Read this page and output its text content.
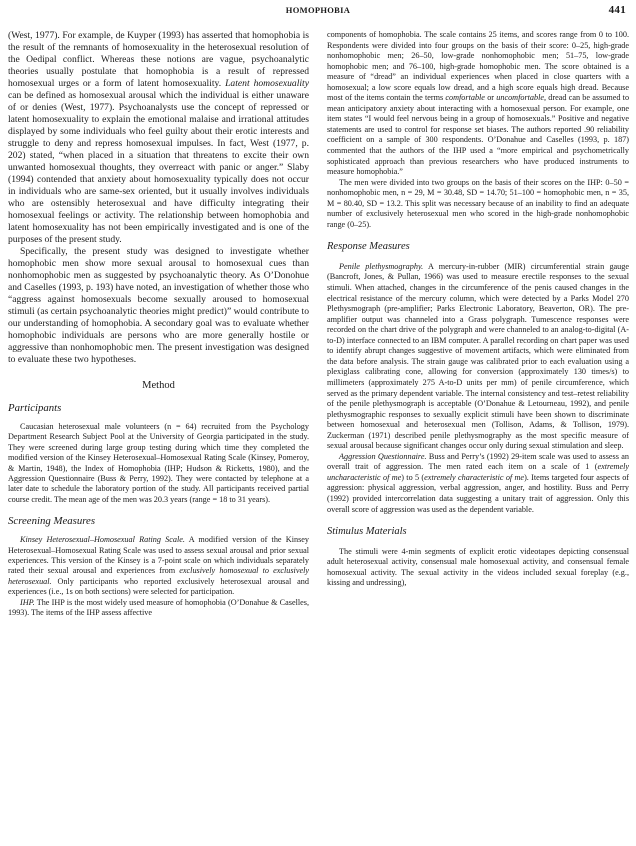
HOMOPHOBIA	441

(West, 1977). For example, de Kuyper (1993) has asserted that homophobia is the result of the remnants of homosexuality in the heterosexual resolution of the Oedipal conflict. Whereas these notions are vague, psychoanalytic theories usually postulate that homophobia is a result of repressed homosexual urges or a form of latent homosexuality. Latent homosexuality can be defined as homosexual arousal which the individual is either unaware of or denies (West, 1977). Psychoanalysts use the concept of repressed or latent homosexuality to explain the emotional malaise and irrational attitudes displayed by some individuals who feel guilty about their erotic interests and struggle to deny and repress homosexual impulses. In fact, West (1977, p. 202) stated, “when placed in a situation that threatens to excite their own unwanted homosexual thoughts, they overreact with panic or anger.” Slaby (1994) contended that anxiety about homosexuality typically does not occur in individuals who are same-sex oriented, but it usually involves individuals who are ostensibly heterosexual and have difficulty integrating their homosexual feelings or activity. The relationship between homophobia and latent homosexuality has not been empirically investigated and is one of the purposes of the present study.

Specifically, the present study was designed to investigate whether homophobic men show more sexual arousal to homosexual cues than nonhomophobic men as suggested by psychoanalytic theory. As O’Donohue and Caselles (1993, p. 193) have noted, an investigation of whether those who “aggress against homosexuals become sexually aroused to homosexual stimuli (as certain psychoanalytic theories might predict)” would contribute to our understanding of homophobia. A secondary goal was to evaluate whether homophobic individuals are persons who are more generally hostile or aggressive than nonhomophobic men. The present investigation was designed to evaluate these two hypotheses.

Method
Participants

Caucasian heterosexual male volunteers (n = 64) recruited from the Psychology Department Research Subject Pool at the University of Georgia participated in the study. They were screened during large group testing during which time they completed the modified version of the Kinsey Heterosexual–Homosexual Rating Scale (Kinsey, Pomeroy, & Martin, 1948), the Index of Homophobia (IHP; Hudson & Ricketts, 1980), and the Aggression Questionnaire (Buss & Perry, 1992). They were contacted by telephone at a later date to schedule the laboratory portion of the study. All participants received partial course credit. The mean age of the men was 20.3 years (range = 18 to 31 years).

Screening Measures

Kinsey Heterosexual–Homosexual Rating Scale. A modified version of the Kinsey Heterosexual–Homosexual Rating Scale was used to assess sexual arousal and prior sexual experiences. This version of the Kinsey is a 7-point scale on which individuals separately rated their sexual arousal and experiences from exclusively homosexual to exclusively heterosexual. Only participants who reported exclusively heterosexual arousal and experiences (i.e., 1s on both sections) were selected for participation.

IHP. The IHP is the most widely used measure of homophobia (O’Donahue & Caselles, 1993). The items of the IHP assess affective

components of homophobia. The scale contains 25 items, and scores range from 0 to 100. Respondents were divided into four groups on the basis of their score: 0–25, high-grade nonhomophobic men; 26–50, low-grade nonhomophobic men; 51–75, low-grade homophobic men; and 76–100, high-grade homophobic men. The score obtained is a measure of “dread” an individual experiences when placed in close quarters with a homosexual; a low score equals low dread, and a high score equals high dread. Because most of the items contain the terms comfortable or uncomfortable, dread can be assumed to mean anticipatory anxiety about interacting with a homosexual person. For example, one item states “I would feel nervous being in a group of homosexuals.” Positive and negative statements are used to control for response set biases. The authors reported .90 reliability coefficient on a sample of 300 respondents. O’Donahue and Caselles (1993, p. 187) commented that the authors of the IHP used a “more empirical and psychometrically sophisticated approach than previous researchers who have produced instruments to measure homophobia.”

The men were divided into two groups on the basis of their scores on the IHP: 0–50 = nonhomophobic men, n = 29, M = 30.48, SD = 14.70; 51–100 = homophobic men, n = 35, M = 80.40, SD = 13.2. This split was necessary because of an inability to find an adequate number of exclusively heterosexual men who scored in the high-grade nonhomophobic range (0–25).

Response Measures

Penile plethysmography. A mercury-in-rubber (MIR) circumferential strain gauge (Bancroft, Jones, & Pullan, 1966) was used to measure erectile responses to the sexual stimuli. When attached, changes in the circumference of the penis caused changes in the electrical resistance of the mercury column, which were detected by a Parks Model 270 Plethysmograph (pre-amplifier; Parks Electronic Laboratory, Beaverton, OR). The pre-amplifier output was channeled into a Grass polygraph. Tumescence responses were recorded on the chart drive of the polygraph and were channeled to an analog-to-digital (A-to-D) interface connected to an IBM computer. A parallel recording on chart paper was used to identify abrupt changes suggestive of movement artifacts, which were eliminated from the data before analysis. The strain gauge was calibrated prior to each evaluation using a plexiglass calibrating cone, allowing for conversion (approximately 130 times/s) to millimeters (approximately 275 A-to-D units per mm) of penile circumference, which served as the primary dependent variable. The internal consistency and test–retest reliability of the penile plethysmograph is acceptable (O’Donahue & Letourneau, 1992), and penile plethysmographic responses to sexually explicit stimuli have been shown to discriminate between homosexual and heterosexual men (Tollison, Adams, & Tollison, 1979). Zuckerman (1971) described penile plethysmography as the most specific measure of sexual arousal because significant changes occur only during sexual stimulation and sleep.

Aggression Questionnaire. Buss and Perry’s (1992) 29-item scale was used to assess an overall trait of aggression. The men rated each item on a scale of 1 (extremely uncharacteristic of me) to 5 (extremely characteristic of me). Items targeted four aspects of aggression: physical aggression, verbal aggression, anger, and hostility. Buss and Perry (1992) provided intercorrelation data suggesting a unitary trait of aggression. Only this overall score of aggression was used as the dependent variable.

Stimulus Materials

The stimuli were 4-min segments of explicit erotic videotapes depicting consensual adult heterosexual activity, consensual male homosexual activity, and consensual female homosexual activity. The sexual activity in the videos included sexual foreplay (e.g., kissing and undressing),
